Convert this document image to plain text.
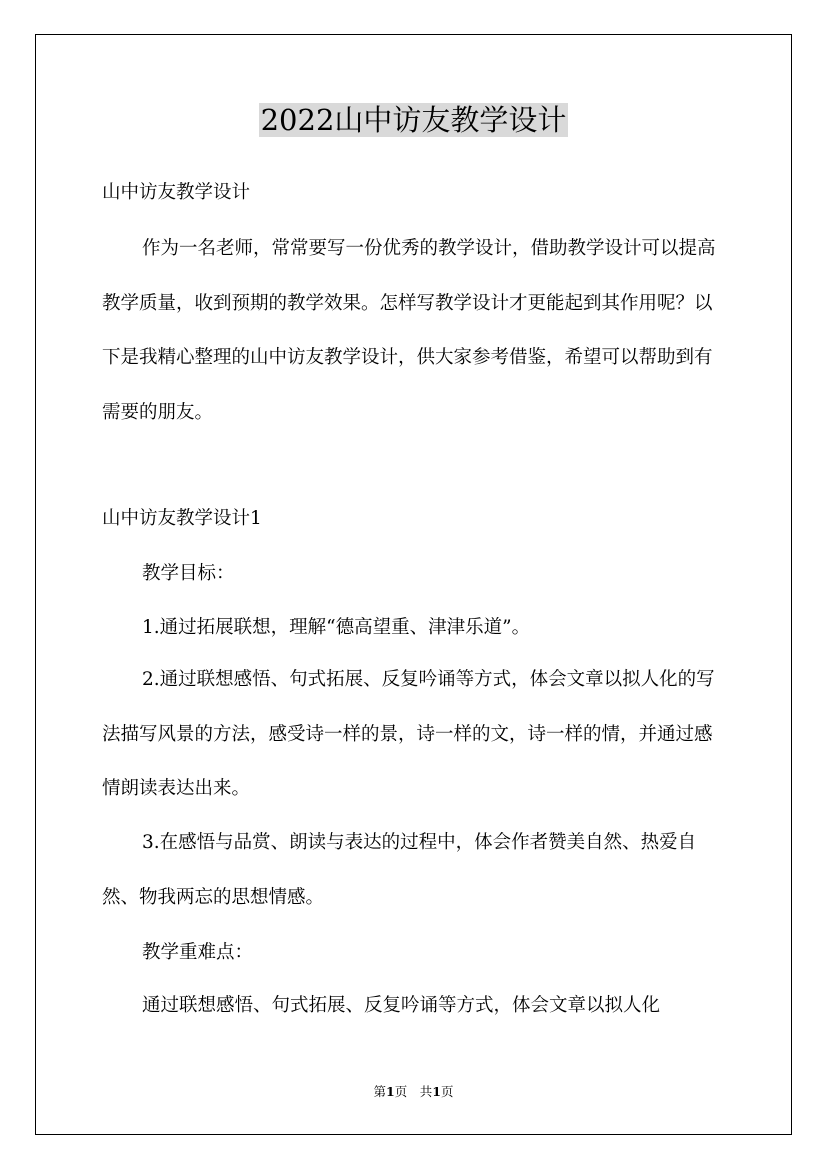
2022山中访友教学设计
山中访友教学设计
作为一名老师，常常要写一份优秀的教学设计，借助教学设计可以提高教学质量，收到预期的教学效果。怎样写教学设计才更能起到其作用呢？以下是我精心整理的山中访友教学设计，供大家参考借鉴，希望可以帮助到有需要的朋友。
山中访友教学设计1
教学目标：
1.通过拓展联想，理解“德高望重、津津乐道”。
2.通过联想感悟、句式拓展、反复吟诵等方式，体会文章以拟人化的写法描写风景的方法，感受诗一样的景，诗一样的文，诗一样的情，并通过感情朗读表达出来。
3.在感悟与品赏、朗读与表达的过程中，体会作者赞美自然、热爱自然、物我两忘的思想情感。
教学重难点：
通过联想感悟、句式拓展、反复吟诵等方式，体会文章以拟人化
第1页　共1页
